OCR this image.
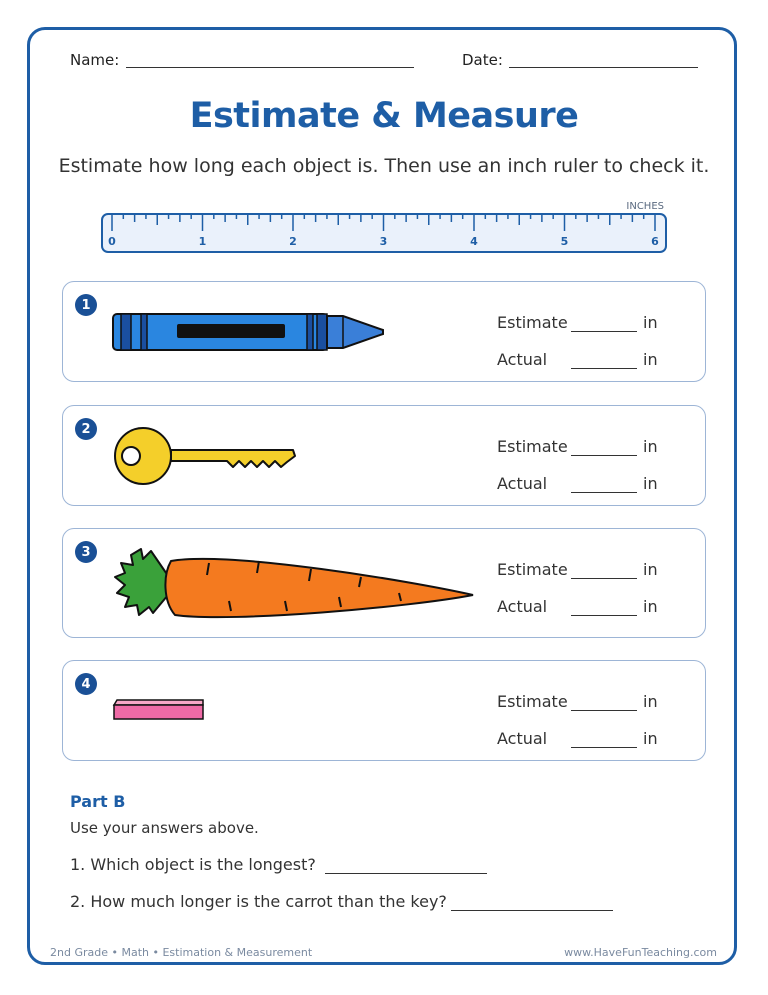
Name:	Date:
Estimate & Measure
Estimate how long each object is. Then use an inch ruler to check it.
INCHES
0	1	2	3	4	5	6
1
Estimate	in
Actual	in
2
Estimate	in
Actual	in
3
Estimate	in
Actual	in
4
Estimate	in
Actual	in
Part B
Use your answers above.
1. Which object is the longest?
2. How much longer is the carrot than the key?
2nd Grade • Math • Estimation & Measurement	www.HaveFunTeaching.com
